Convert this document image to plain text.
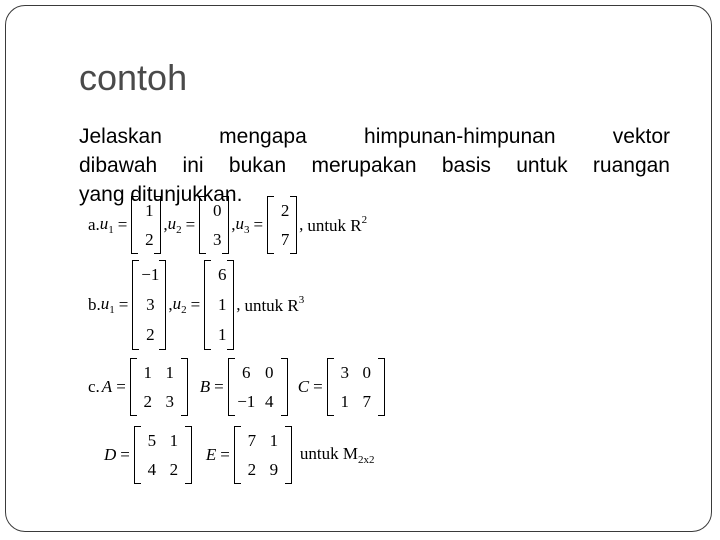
contoh
Jelaskan mengapa himpunan-himpunan vektor
dibawah ini bukan merupakan basis untuk ruangan
yang ditunjukkan.
a. $u_1$ =
1
2
, $u_2$ =
0
3
, $u_3$ =
2
7
, untuk $R^2$
b. $u_1$ =
−1
3
2
, $u_2$ =
6
1
1
, untuk $R^3$
c. A =
1 1
2 3
B =
6 0
−1 4
C =
3 0
1 7
D =
5 1
4 2
E =
7 1
2 9
untuk $M_{2x2}$
